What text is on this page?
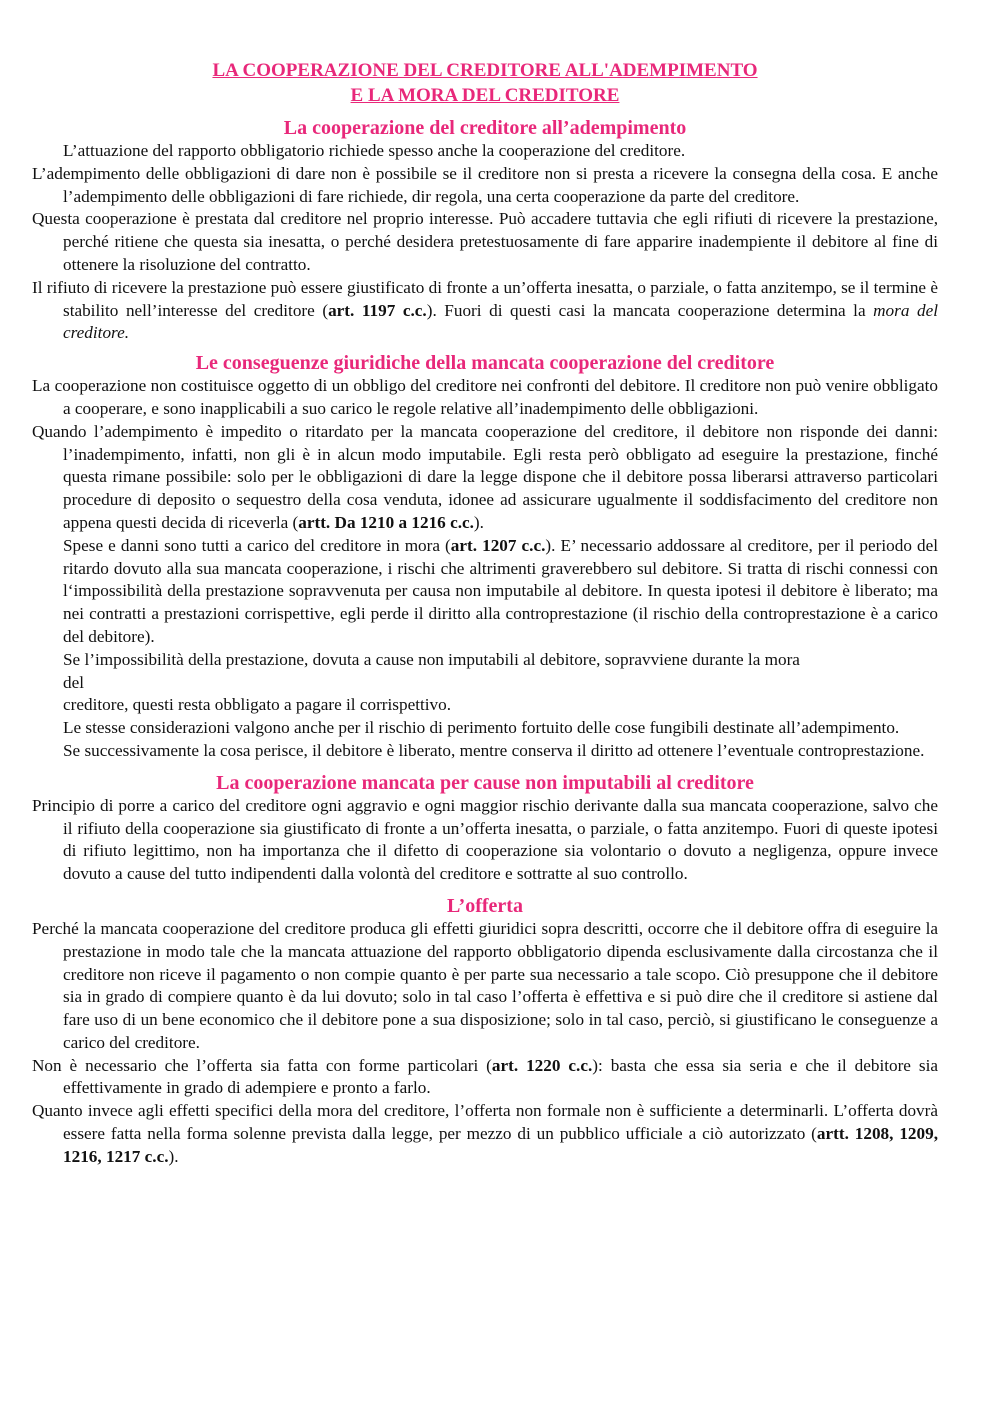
LA COOPERAZIONE DEL CREDITORE ALL'ADEMPIMENTO

E LA MORA DEL CREDITORE

La cooperazione del creditore all’adempimento

L’attuazione del rapporto obbligatorio richiede spesso anche la cooperazione del creditore.

L’adempimento delle obbligazioni di dare non è possibile se il creditore non si presta a ricevere la consegna della cosa. E anche l’adempimento delle obbligazioni di fare richiede, dir regola, una certa cooperazione da parte del creditore.

Questa cooperazione è prestata dal creditore nel proprio interesse. Può accadere tuttavia che egli rifiuti di ricevere la prestazione, perché ritiene che questa sia inesatta, o perché desidera pretestuosamente di fare apparire inadempiente il debitore al fine di ottenere la risoluzione del contratto.

Il rifiuto di ricevere la prestazione può essere giustificato di fronte a un’offerta inesatta, o parziale, o fatta anzitempo, se il termine è stabilito nell’interesse del creditore (art. 1197 c.c.). Fuori di questi casi la mancata cooperazione determina la mora del creditore.

Le conseguenze giuridiche della mancata cooperazione del creditore

La cooperazione non costituisce oggetto di un obbligo del creditore nei confronti del debitore. Il creditore non può venire obbligato a cooperare, e sono inapplicabili a suo carico le regole relative all’inadempimento delle obbligazioni.

Quando l’adempimento è impedito o ritardato per la mancata cooperazione del creditore, il debitore non risponde dei danni: l’inadempimento, infatti, non gli è in alcun modo imputabile. Egli resta però obbligato ad eseguire la prestazione, finché questa rimane possibile: solo per le obbligazioni di dare la legge dispone che il debitore possa liberarsi attraverso particolari procedure di deposito o sequestro della cosa venduta, idonee ad assicurare ugualmente il soddisfacimento del creditore non appena questi decida di riceverla (artt. Da 1210 a 1216 c.c.).

Spese e danni sono tutti a carico del creditore in mora (art. 1207 c.c.). E’ necessario addossare al creditore, per il periodo del ritardo dovuto alla sua mancata cooperazione, i rischi che altrimenti graverebbero sul debitore. Si tratta di rischi connessi con l‘impossibilità della prestazione sopravvenuta per causa non imputabile al debitore. In questa ipotesi il debitore è liberato; ma nei contratti a prestazioni corrispettive, egli perde il diritto alla controprestazione (il rischio della controprestazione è a carico del debitore).

Se l’impossibilità della prestazione, dovuta a cause non imputabili al debitore, sopravviene durante la mora

del

creditore, questi resta obbligato a pagare il corrispettivo.

Le stesse considerazioni valgono anche per il rischio di perimento fortuito delle cose fungibili destinate all’adempimento.

Se successivamente la cosa perisce, il debitore è liberato, mentre conserva il diritto ad ottenere l’eventuale controprestazione.

La cooperazione mancata per cause non imputabili al creditore

Principio di porre a carico del creditore ogni aggravio e ogni maggior rischio derivante dalla sua mancata cooperazione, salvo che il rifiuto della cooperazione sia giustificato di fronte a un’offerta inesatta, o parziale, o fatta anzitempo. Fuori di queste ipotesi di rifiuto legittimo, non ha importanza che il difetto di cooperazione sia volontario o dovuto a negligenza, oppure invece dovuto a cause del tutto indipendenti dalla volontà del creditore e sottratte al suo controllo.

L’offerta

Perché la mancata cooperazione del creditore produca gli effetti giuridici sopra descritti, occorre che il debitore offra di eseguire la prestazione in modo tale che la mancata attuazione del rapporto obbligatorio dipenda esclusivamente dalla circostanza che il creditore non riceve il pagamento o non compie quanto è per parte sua necessario a tale scopo. Ciò presuppone che il debitore sia in grado di compiere quanto è da lui dovuto; solo in tal caso l’offerta è effettiva e si può dire che il creditore si astiene dal fare uso di un bene economico che il debitore pone a sua disposizione; solo in tal caso, perciò, si giustificano le conseguenze a carico del creditore.

Non è necessario che l’offerta sia fatta con forme particolari (art. 1220 c.c.): basta che essa sia seria e che il debitore sia effettivamente in grado di adempiere e pronto a farlo.

Quanto invece agli effetti specifici della mora del creditore, l’offerta non formale non è sufficiente a determinarli. L’offerta dovrà essere fatta nella forma solenne prevista dalla legge, per mezzo di un pubblico ufficiale a ciò autorizzato (artt. 1208, 1209, 1216, 1217 c.c.).
